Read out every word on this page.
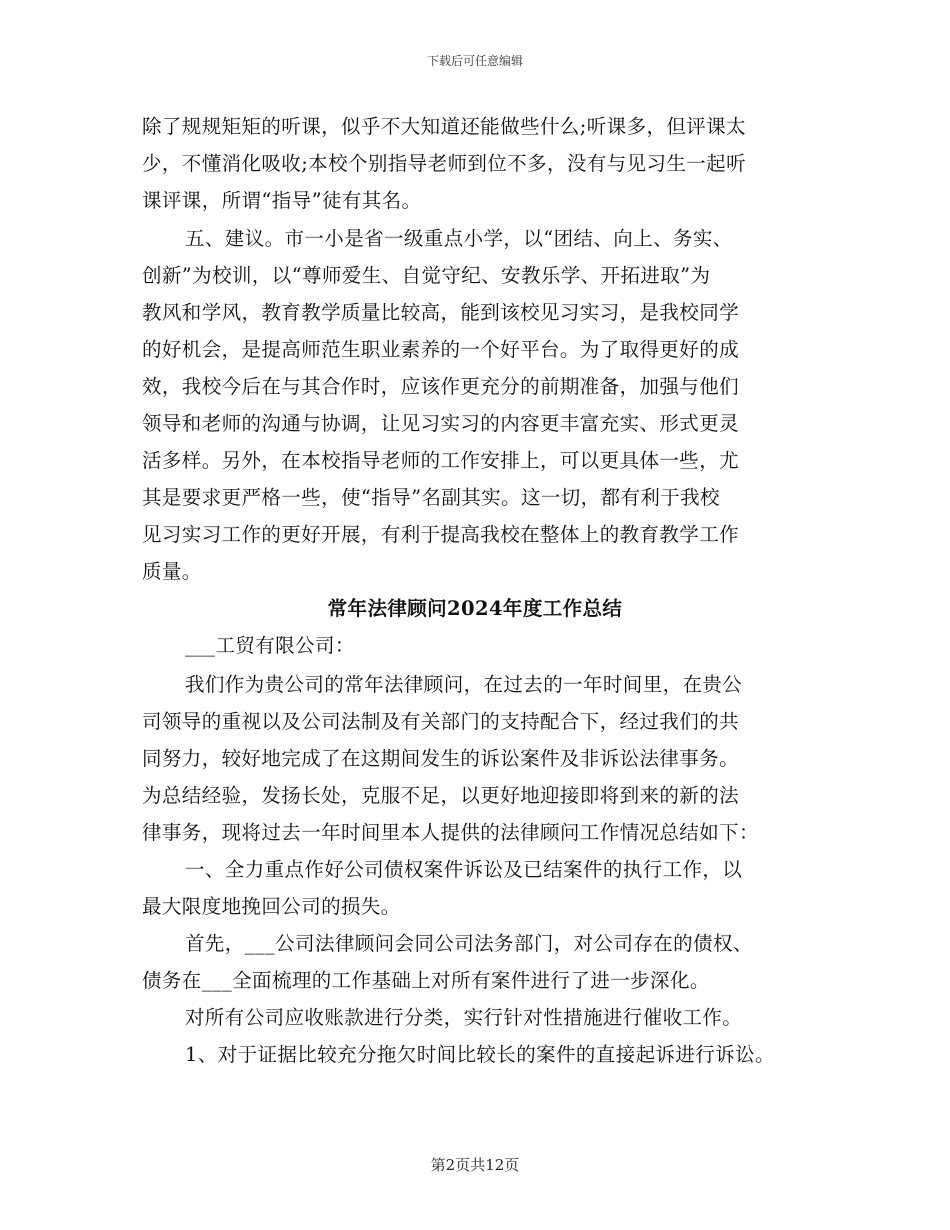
下载后可任意编辑
除了规规矩矩的听课，似乎不大知道还能做些什么;听课多，但评课太
少，不懂消化吸收;本校个别指导老师到位不多，没有与见习生一起听
课评课，所谓“指导”徒有其名。
五、建议。市一小是省一级重点小学，以“团结、向上、务实、
创新”为校训，以“尊师爱生、自觉守纪、安教乐学、开拓进取”为
教风和学风，教育教学质量比较高，能到该校见习实习，是我校同学
的好机会，是提高师范生职业素养的一个好平台。为了取得更好的成
效，我校今后在与其合作时，应该作更充分的前期准备，加强与他们
领导和老师的沟通与协调，让见习实习的内容更丰富充实、形式更灵
活多样。另外，在本校指导老师的工作安排上，可以更具体一些，尤
其是要求更严格一些，使“指导”名副其实。这一切，都有利于我校
见习实习工作的更好开展，有利于提高我校在整体上的教育教学工作
质量。
常年法律顾问2024年度工作总结
___工贸有限公司：
我们作为贵公司的常年法律顾问，在过去的一年时间里，在贵公
司领导的重视以及公司法制及有关部门的支持配合下，经过我们的共
同努力，较好地完成了在这期间发生的诉讼案件及非诉讼法律事务。
为总结经验，发扬长处，克服不足，以更好地迎接即将到来的新的法
律事务，现将过去一年时间里本人提供的法律顾问工作情况总结如下：
一、全力重点作好公司债权案件诉讼及已结案件的执行工作，以
最大限度地挽回公司的损失。
首先，___公司法律顾问会同公司法务部门，对公司存在的债权、
债务在___全面梳理的工作基础上对所有案件进行了进一步深化。
对所有公司应收账款进行分类，实行针对性措施进行催收工作。
1、对于证据比较充分拖欠时间比较长的案件的直接起诉进行诉讼。
第2页共12页
